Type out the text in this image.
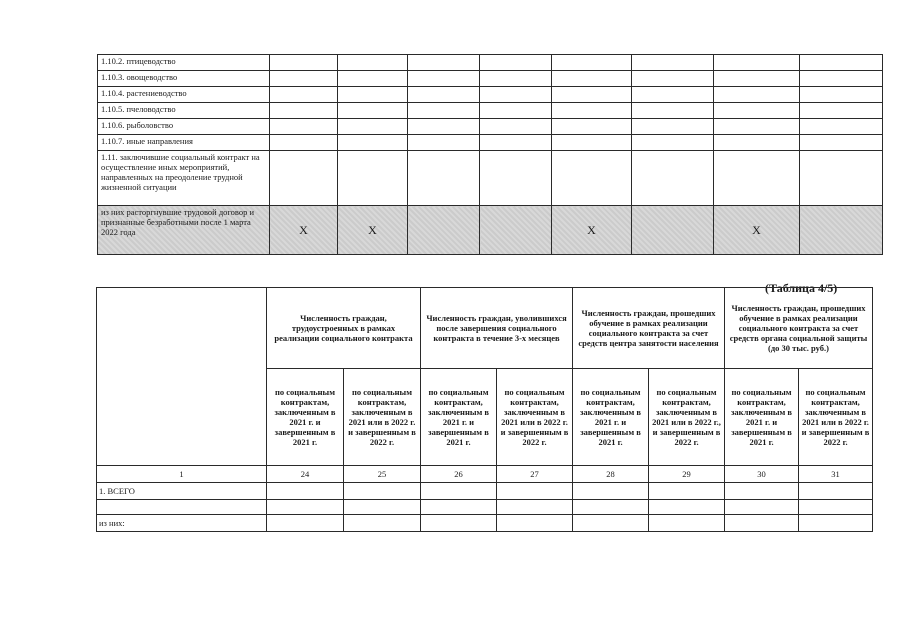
1.10.2. птицеводство								
1.10.3. овощеводство								
1.10.4. растениеводство								
1.10.5. пчеловодство								
1.10.6. рыболовство								
1.10.7. иные направления								
1.11. заключившие социальный контракт на осуществление иных мероприятий, направленных на преодоление трудной жизненной ситуации								
из них расторгнувшие трудовой договор и признанные безработными после 1 марта 2022 года	Х	Х			Х		Х	
(Таблица 4/5)
	Численность граждан, трудоустроенных в рамках реализации социального контракта		Численность граждан, уволившихся после завершения социального контракта в течение 3-х месяцев		Численность граждан, прошедших обучение в рамках реализации социального контракта за счет средств центра занятости населения		Численность граждан, прошедших обучение в рамках реализации социального контракта за счет средств органа социальной защиты (до 30 тыс. руб.)	
	по социальным контрактам, заключенным в 2021 г. и завершенным в 2021 г.	по социальным контрактам, заключенным в 2021 или в 2022 г. и завершенным в 2022 г.	по социальным контрактам, заключенным в 2021 г. и завершенным в 2021 г.	по социальным контрактам, заключенным в 2021 или в 2022 г. и завершенным в 2022 г.	по социальным контрактам, заключенным в 2021 г. и завершенным в 2021 г.	по социальным контрактам, заключенным в 2021 или в 2022 г., и завершенным в 2022 г.	по социальным контрактам, заключенным в 2021 г. и завершенным в 2021 г.	по социальным контрактам, заключенным в 2021 или в 2022 г. и завершенным в 2022 г.
1	24	25	26	27	28	29	30	31
1. ВСЕГО								

из них:								
